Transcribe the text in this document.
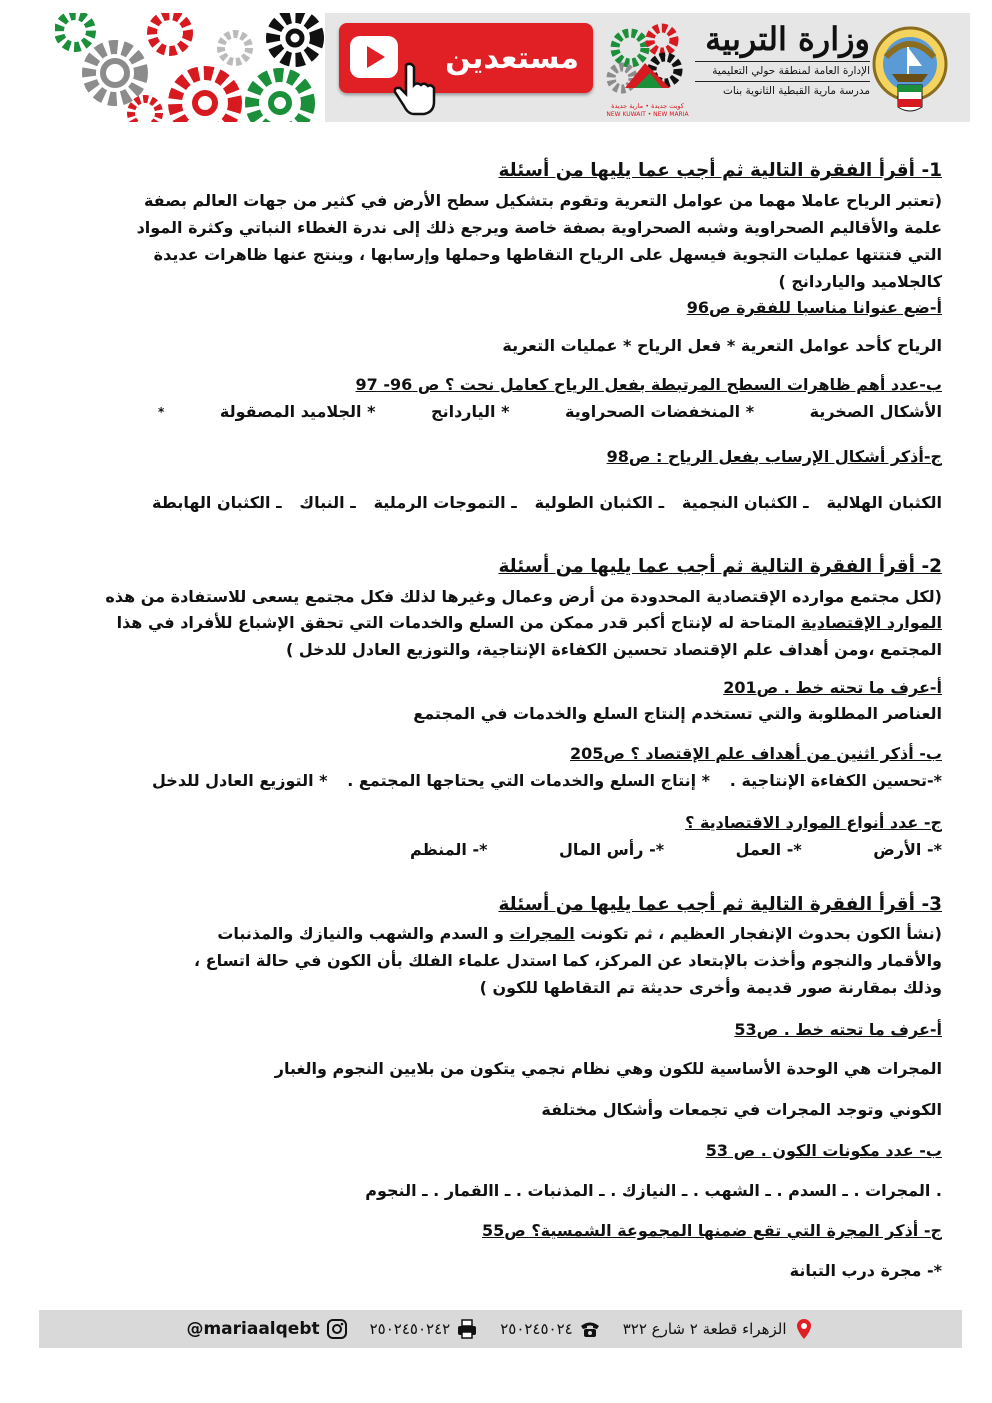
مستعدين
كويت جديدة • مارية جديدة
NEW KUWAIT • NEW MARIA
وزارة التربية
الإدارة العامة لمنطقة حولي التعليمية
مدرسة مارية القبطية الثانوية بنات
1- أقرأ الفقرة التالية ثم أجب عما يليها من أسئلة
(تعتبر الرياح عاملا مهما من عوامل التعرية وتقوم بتشكيل سطح الأرض في كثير من جهات العالم بصفة
علمة والأقاليم الصحراوية وشبه الصحراوية بصفة خاصة ويرجع ذلك إلى ندرة الغطاء النباتي وكثرة المواد
التي فتتتها عمليات التجوية فيسهل على الرياح التقاطها وحملها وإرسابها ، وينتج عنها ظاهرات عديدة
كالجلاميد والياردانج )
أ-ضع عنوانا مناسبا للفقرة ص96
الرياح كأحد عوامل التعرية * فعل الرياح * عمليات التعرية
ب-عدد أهم ظاهرات السطح المرتبطة بفعل الرياح كعامل نحت ؟ ص 96- 97
الأشكال الصخرية
* المنخفضات الصحراوية
* الياردانج
* الجلاميد المصقولة
*
ج-أذكر أشكال الإرساب بفعل الرياح : ص98
الكثبان الهلالية
ـ الكثبان النجمية
ـ الكثبان الطولية
ـ التموجات الرملية
ـ النباك
ـ الكثبان الهابطة
2- أقرأ الفقرة التالية ثم أجب عما يليها من أسئلة
(لكل مجتمع موارده الإقتصادية المحدودة من أرض وعمال وغيرها لذلك فكل مجتمع يسعى للاستفادة من هذه
الموارد الإقتصادية المتاحة له لإنتاج أكبر قدر ممكن من السلع والخدمات التي تحقق الإشباع للأفراد في هذا
المجتمع ،ومن أهداف علم الإقتصاد تحسين الكفاءة الإنتاجية، والتوزيع العادل للدخل )
أ-عرف ما تحته خط . ص201
العناصر المطلوبة والتي تستخدم إلنتاج السلع والخدمات في المجتمع
ب- أذكر اثنين من أهداف علم الإقتصاد ؟ ص205
*-تحسين الكفاءة الإنتاجية .
* إنتاج السلع والخدمات التي يحتاجها المجتمع .
* التوزيع العادل للدخل
ج- عدد أنواع الموارد الاقتصادية ؟
*- الأرض
*- العمل
*- رأس المال
*- المنظم
3- أقرأ الفقرة التالية ثم أجب عما يليها من أسئلة
(نشأ الكون بحدوث الإنفجار العظيم ، ثم تكونت المجرات و السدم والشهب والنيازك والمذنبات
والأقمار والنجوم وأخذت بالإبتعاد عن المركز، كما استدل علماء الفلك بأن الكون في حالة اتساع ،
وذلك بمقارنة صور قديمة وأخرى حديثة تم التقاطها للكون )
أ-عرف ما تحته خط . ص53
المجرات هي الوحدة الأساسية للكون وهي نظام نجمي يتكون من بلايين النجوم والغبار
الكوني وتوجد المجرات في تجمعات وأشكال مختلفة
ب- عدد مكونات الكون . ص 53
. المجرات . ـ السدم . ـ الشهب . ـ النيازك . ـ المذنبات . ـ االقمار . ـ النجوم
ج- أذكر المجرة التي تقع ضمنها المجموعة الشمسية؟ ص55
*- مجرة درب التبانة
الزهراء قطعة ٢ شارع ٣٢٢
٢٥٠٢٤٥٠٢٤
٢٥٠٢٤٥٠٢٤٢
@mariaalqebt
